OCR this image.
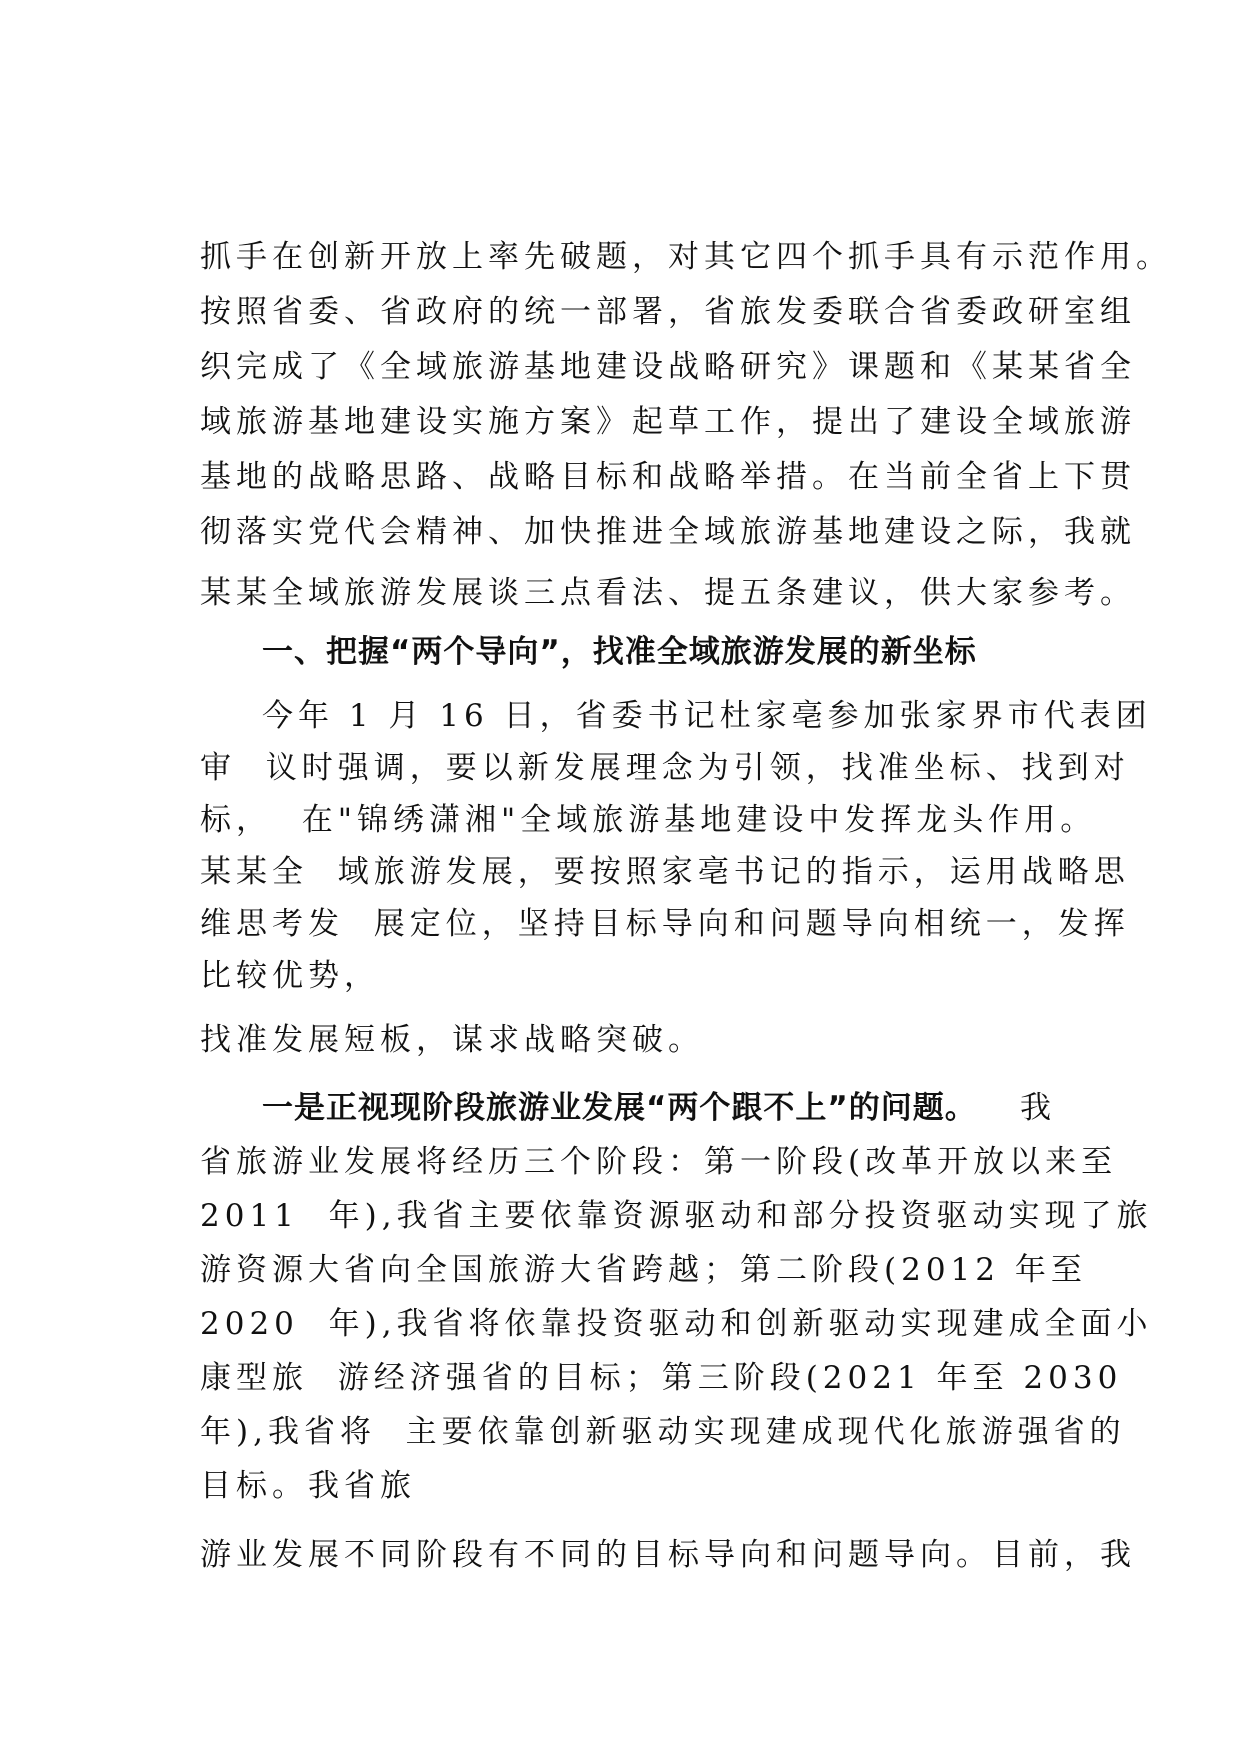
抓手在创新开放上率先破题，对其它四个抓手具有示范作用。
按照省委、省政府的统一部署，省旅发委联合省委政研室组
织完成了《全域旅游基地建设战略研究》课题和《某某省全
域旅游基地建设实施方案》起草工作，提出了建设全域旅游
基地的战略思路、战略目标和战略举措。在当前全省上下贯
彻落实党代会精神、加快推进全域旅游基地建设之际，我就
某某全域旅游发展谈三点看法、提五条建议，供大家参考。
一、把握“两个导向”，找准全域旅游发展的新坐标
今年 1 月 16 日，省委书记杜家亳参加张家界市代表团
审  议时强调，要以新发展理念为引领，找准坐标、找到对
标，  在"锦绣潇湘"全域旅游基地建设中发挥龙头作用。
某某全  域旅游发展，要按照家亳书记的指示，运用战略思
维思考发  展定位，坚持目标导向和问题导向相统一，发挥
比较优势，
找准发展短板，谋求战略突破。
一是正视现阶段旅游业发展“两个跟不上”的问题。 我
省旅游业发展将经历三个阶段：第一阶段(改革开放以来至
2011  年),我省主要依靠资源驱动和部分投资驱动实现了旅
游资源大省向全国旅游大省跨越；第二阶段(2012 年至
2020  年),我省将依靠投资驱动和创新驱动实现建成全面小
康型旅  游经济强省的目标；第三阶段(2021 年至 2030
年),我省将  主要依靠创新驱动实现建成现代化旅游强省的
目标。我省旅
游业发展不同阶段有不同的目标导向和问题导向。目前，我
